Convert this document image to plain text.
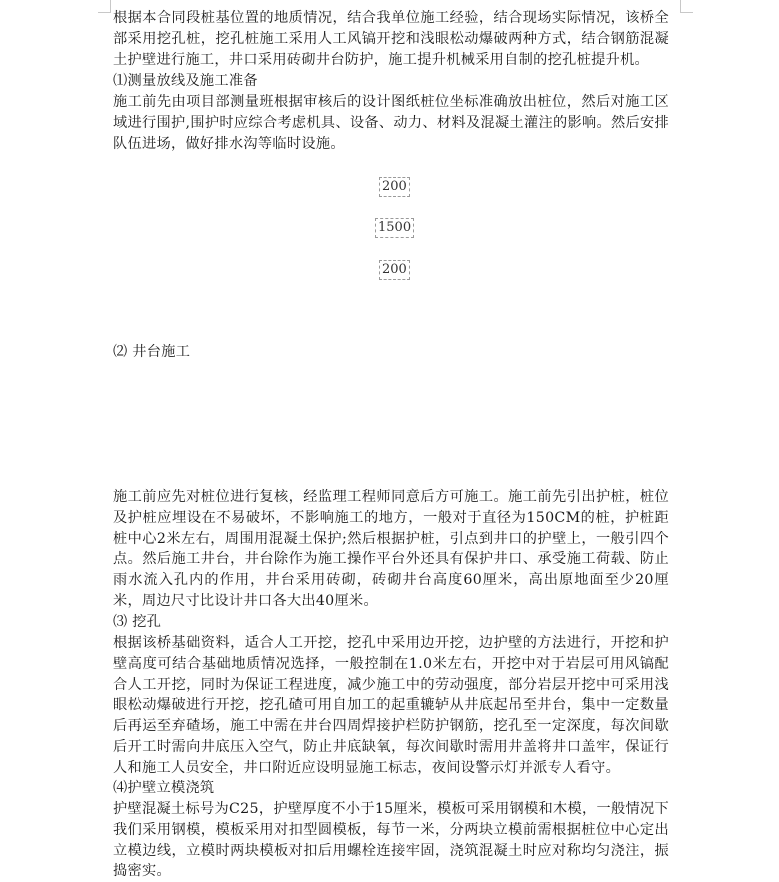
根据本合同段桩基位置的地质情况，结合我单位施工经验，结合现场实际情况，该桥全部采用挖孔桩，挖孔桩施工采用人工风镐开挖和浅眼松动爆破两种方式，结合钢筋混凝土护壁进行施工，井口采用砖砌井台防护，施工提升机械采用自制的挖孔桩提升机。
⑴测量放线及施工准备
施工前先由项目部测量班根据审核后的设计图纸桩位坐标准确放出桩位，然后对施工区域进行围护,围护时应综合考虑机具、设备、动力、材料及混凝土灌注的影响。然后安排队伍进场，做好排水沟等临时设施。
200
1500
200
⑵ 井台施工
施工前应先对桩位进行复核，经监理工程师同意后方可施工。施工前先引出护桩，桩位及护桩应埋设在不易破坏，不影响施工的地方，一般对于直径为150CM的桩，护桩距桩中心2米左右，周围用混凝土保护;然后根据护桩，引点到井口的护壁上，一般引四个点。然后施工井台，井台除作为施工操作平台外还具有保护井口、承受施工荷载、防止雨水流入孔内的作用，井台采用砖砌，砖砌井台高度60厘米，高出原地面至少20厘米，周边尺寸比设计井口各大出40厘米。
⑶ 挖孔
根据该桥基础资料，适合人工开挖，挖孔中采用边开挖，边护壁的方法进行，开挖和护壁高度可结合基础地质情况选择，一般控制在1.0米左右，开挖中对于岩层可用风镐配合人工开挖，同时为保证工程进度，减少施工中的劳动强度，部分岩层开挖中可采用浅眼松动爆破进行开挖，挖孔碴可用自加工的起重辘轳从井底起吊至井台，集中一定数量后再运至弃碴场，施工中需在井台四周焊接护栏防护钢筋，挖孔至一定深度，每次间歇后开工时需向井底压入空气，防止井底缺氧，每次间歇时需用井盖将井口盖牢，保证行人和施工人员安全，井口附近应设明显施工标志，夜间设警示灯并派专人看守。
⑷护壁立模浇筑
护壁混凝土标号为C25，护壁厚度不小于15厘米，模板可采用钢模和木模，一般情况下我们采用钢模，模板采用对扣型圆模板，每节一米，分两块立模前需根据桩位中心定出立模边线，立模时两块模板对扣后用螺栓连接牢固，浇筑混凝土时应对称均匀浇注，振捣密实。
